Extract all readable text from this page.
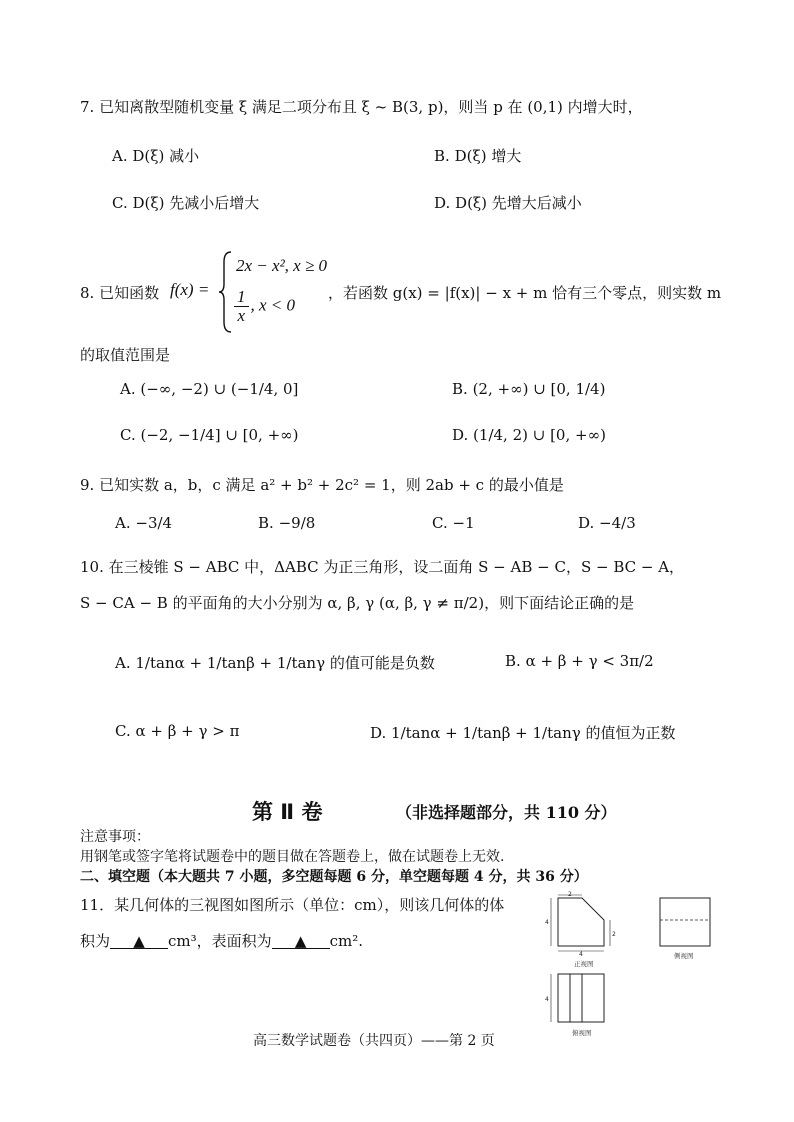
7. 已知离散型随机变量 ξ 满足二项分布且 ξ ~ B(3, p)，则当 p 在 (0,1) 内增大时，
A. D(ξ) 减小	B. D(ξ) 增大
C. D(ξ) 先减小后增大	D. D(ξ) 先增大后减小
8. 已知函数 f(x) =
2x − x², x ≥ 0
$\frac{1}{x}$ , x < 0
，若函数 g(x) = |f(x)| − x + m 恰有三个零点，则实数 m
的取值范围是
A. (−∞, −2) ∪ (−1/4, 0]	B. (2, +∞) ∪ [0, 1/4)
C. (−2, −1/4] ∪ [0, +∞)	D. (1/4, 2) ∪ [0, +∞)
9. 已知实数 a，b，c 满足 a² + b² + 2c² = 1，则 2ab + c 的最小值是
A. −3/4	B. −9/8	C. −1	D. −4/3
10. 在三棱锥 S − ABC 中，ΔABC 为正三角形，设二面角 S − AB − C，S − BC − A，
S − CA − B 的平面角的大小分别为 α, β, γ (α, β, γ ≠ π/2)，则下面结论正确的是
A. 1/tanα + 1/tanβ + 1/tanγ 的值可能是负数	B. α + β + γ < 3π/2
C. α + β + γ > π	D. 1/tanα + 1/tanβ + 1/tanγ 的值恒为正数
第 Ⅱ 卷	（非选择题部分，共 110 分）
注意事项：
用钢笔或签字笔将试题卷中的题目做在答题卷上，做在试题卷上无效.
二、填空题（本大题共 7 小题，多空题每题 6 分，单空题每题 4 分，共 36 分）
11．某几何体的三视图如图所示（单位：cm），则该几何体的体
积为 ▲ cm³，表面积为 ▲ cm².
2
4
2
4
正视图
侧视图
4
俯视图
高三数学试题卷（共四页）——第 2 页
